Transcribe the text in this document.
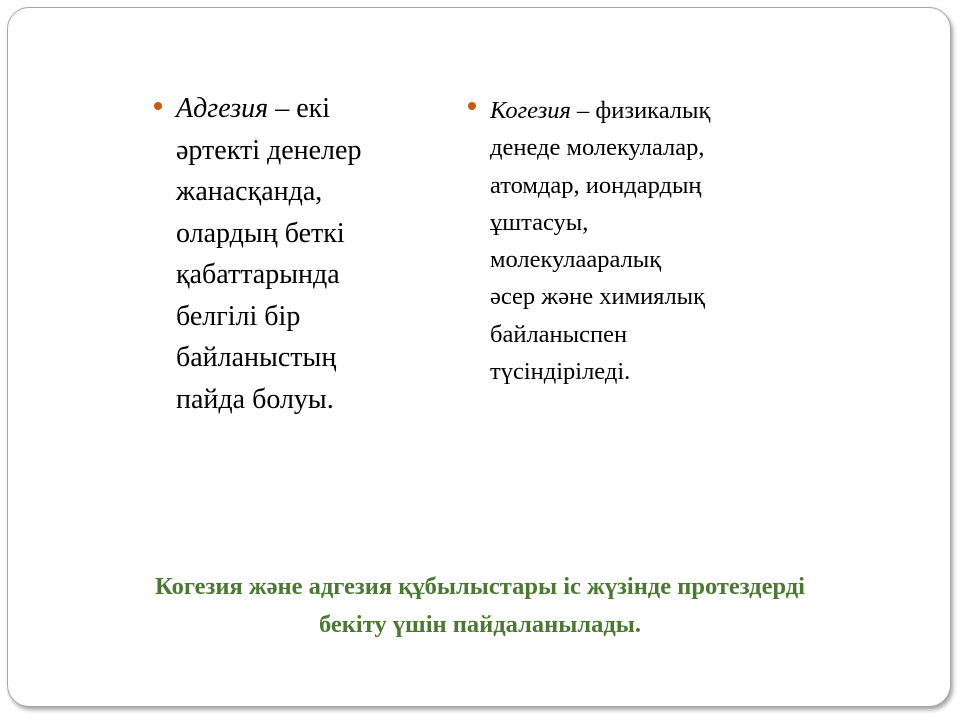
Адгезия – екі
әртекті денелер
жанасқанда,
олардың беткі
қабаттарында
белгілі бір
байланыстың
пайда болуы.
Когезия – физикалық
денеде молекулалар,
атомдар, иондардың
ұштасуы,
молекулааралық
әсер және химиялық
байланыспен
түсіндіріледі.
Когезия және адгезия құбылыстары іс жүзінде протездерді
бекіту үшін пайдаланылады.
